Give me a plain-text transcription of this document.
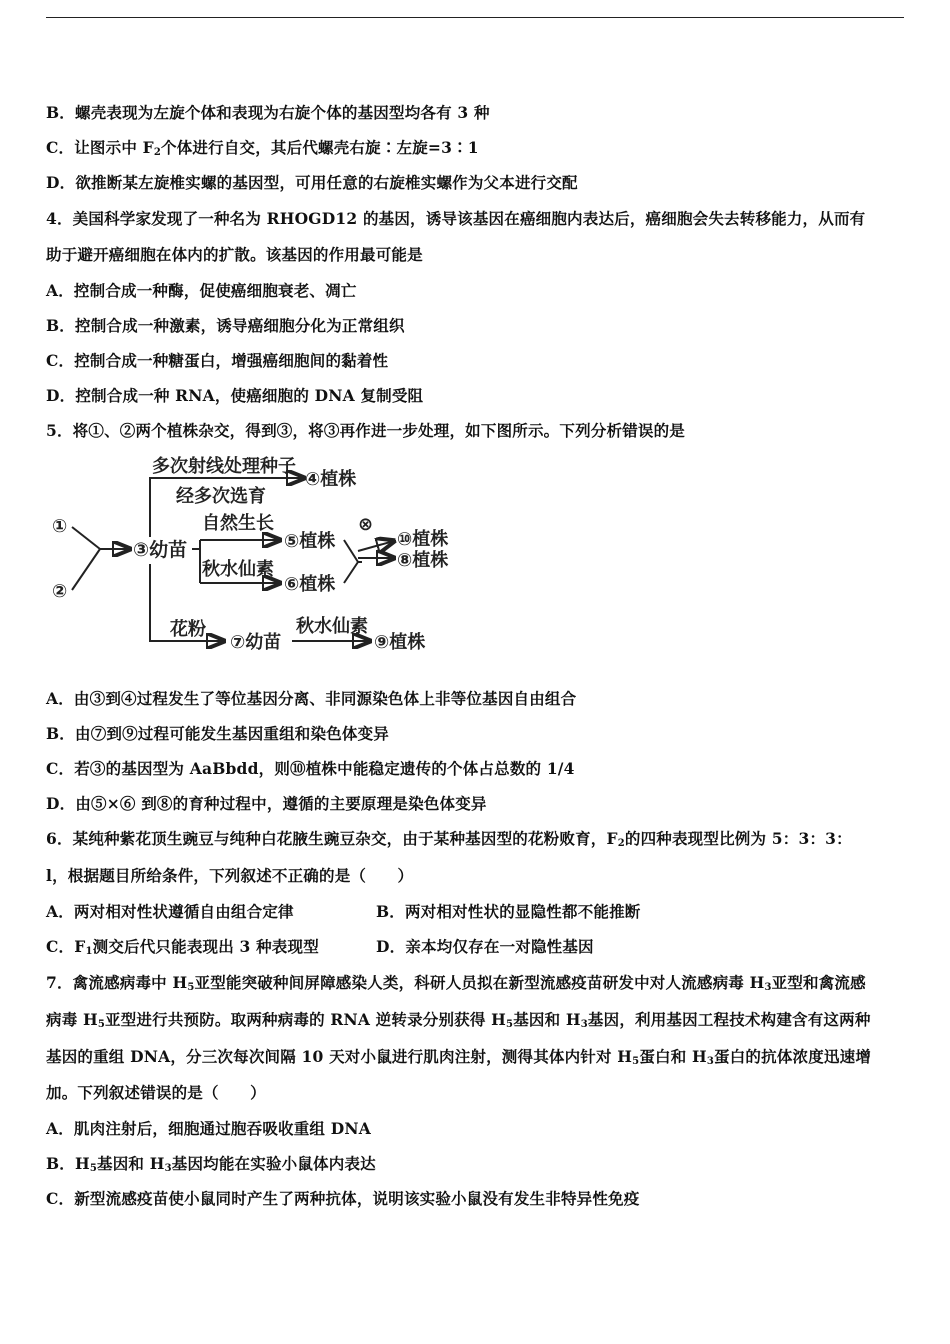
B．螺壳表现为左旋个体和表现为右旋个体的基因型均各有 3 种
C．让图示中 $F_2$个体进行自交，其后代螺壳右旋∶左旋=3∶1
D．欲推断某左旋椎实螺的基因型，可用任意的右旋椎实螺作为父本进行交配
4．美国科学家发现了一种名为 RHOGD12 的基因，诱导该基因在癌细胞内表达后，癌细胞会失去转移能力，从而有
助于避开癌细胞在体内的扩散。该基因的作用最可能是
A．控制合成一种酶，促使癌细胞衰老、凋亡
B．控制合成一种激素，诱导癌细胞分化为正常组织
C．控制合成一种糖蛋白，增强癌细胞间的黏着性
D．控制合成一种 RNA，使癌细胞的 DNA 复制受阻
5．将①、②两个植株杂交，得到③，将③再作进一步处理，如下图所示。下列分析错误的是
①
②
③幼苗
多次射线处理种子
经多次选育
④植株
花粉
⑦幼苗
秋水仙素
⑨植株
自然生长
秋水仙素
⑤植株
⑥植株
⊗
⑩植株
⑧植株
A．由③到④过程发生了等位基因分离、非同源染色体上非等位基因自由组合
B．由⑦到⑨过程可能发生基因重组和染色体变异
C．若③的基因型为 AaBbdd，则⑩植株中能稳定遗传的个体占总数的 1/4
D．由⑤×⑥ 到⑧的育种过程中，遵循的主要原理是染色体变异
6．某纯种紫花顶生豌豆与纯种白花腋生豌豆杂交，由于某种基因型的花粉败育，$F_2$的四种表现型比例为 5：3：3：
l，根据题目所给条件，下列叙述不正确的是（　　）
A．两对相对性状遵循自由组合定律	B．两对相对性状的显隐性都不能推断
C．$F_1$测交后代只能表现出 3 种表现型	D．亲本均仅存在一对隐性基因
7．禽流感病毒中 $H_5$亚型能突破种间屏障感染人类，科研人员拟在新型流感疫苗研发中对人流感病毒 $H_3$亚型和禽流感
病毒 $H_5$亚型进行共预防。取两种病毒的 RNA 逆转录分别获得 $H_5$基因和 $H_3$基因，利用基因工程技术构建含有这两种
基因的重组 DNA，分三次每次间隔 10 天对小鼠进行肌肉注射，测得其体内针对 $H_5$蛋白和 $H_3$蛋白的抗体浓度迅速增
加。下列叙述错误的是（　　）
A．肌肉注射后，细胞通过胞吞吸收重组 DNA
B．$H_5$基因和 $H_3$基因均能在实验小鼠体内表达
C．新型流感疫苗使小鼠同时产生了两种抗体，说明该实验小鼠没有发生非特异性免疫
